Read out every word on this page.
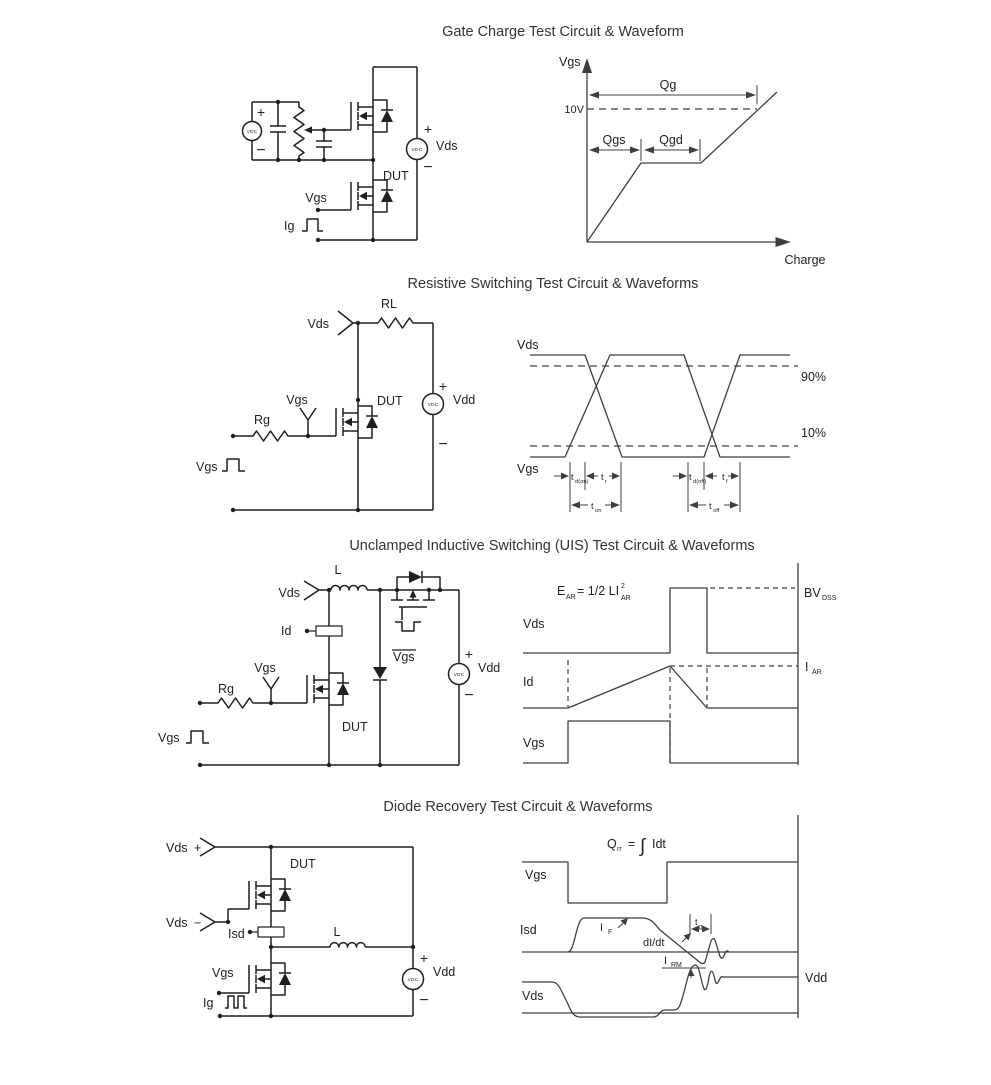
Gate Charge Test Circuit & Waveform
VDC
+
−
Vgs
Ig
DUT
VDC
+
Vds
−
Vgs
Charge
10V
Qg
Qgs	Qgd
Resistive Switching Test Circuit & Waveforms
Vds
RL
VDC
+
Vdd
−
DUT
Rg
Vgs
Vgs
Vds
Vgs
90%
10%
t d(on) t r
t on
t d(off) t f
t off
Unclamped Inductive Switching (UIS) Test Circuit & Waveforms
Vds
L
Id
DUT
Rg
Vgs
Vgs
Vgs
VDC
+
Vdd
−
E AR = 1/2 LI 2
AR
Vds
BV DSS
Id
I AR
Vgs
Diode Recovery Test Circuit & Waveforms
Vds +
DUT
Vds −
Isd	L
Vgs
Ig
VDC
+
Vdd
−
Q rr = ∫ Idt
Vgs
Isd	I F
dI/dt
t rr
I RM
Vds
Vdd
